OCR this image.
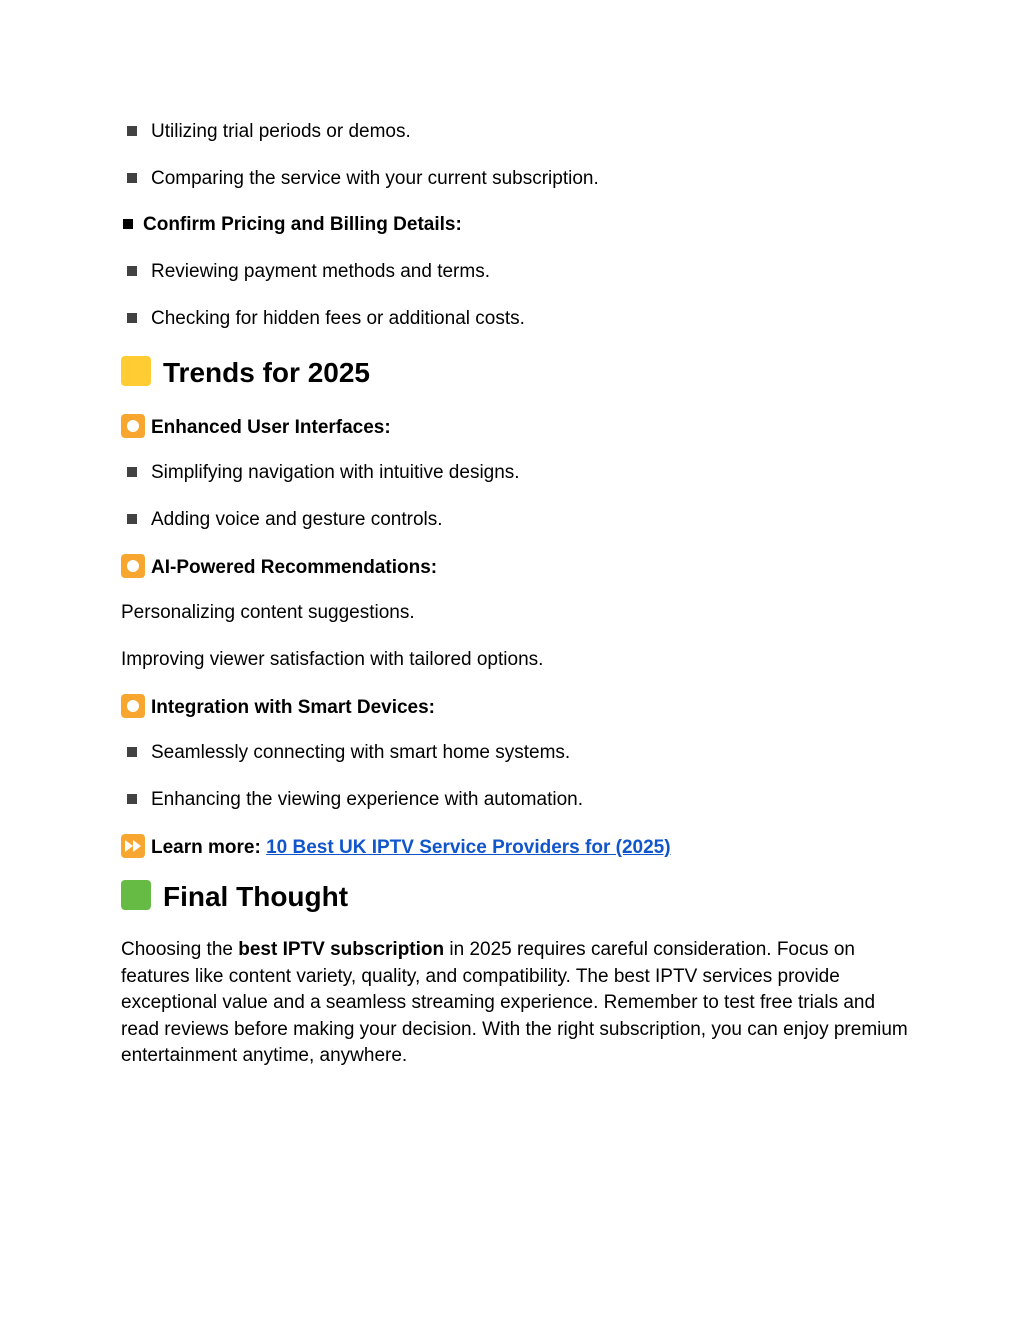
Utilizing trial periods or demos.
Comparing the service with your current subscription.
Confirm Pricing and Billing Details:
Reviewing payment methods and terms.
Checking for hidden fees or additional costs.
Trends for 2025
Enhanced User Interfaces:
Simplifying navigation with intuitive designs.
Adding voice and gesture controls.
AI-Powered Recommendations:
Personalizing content suggestions.
Improving viewer satisfaction with tailored options.
Integration with Smart Devices:
Seamlessly connecting with smart home systems.
Enhancing the viewing experience with automation.
Learn more: 10 Best UK IPTV Service Providers for (2025)
Final Thought
Choosing the best IPTV subscription in 2025 requires careful consideration. Focus on features like content variety, quality, and compatibility. The best IPTV services provide exceptional value and a seamless streaming experience. Remember to test free trials and read reviews before making your decision. With the right subscription, you can enjoy premium entertainment anytime, anywhere.
